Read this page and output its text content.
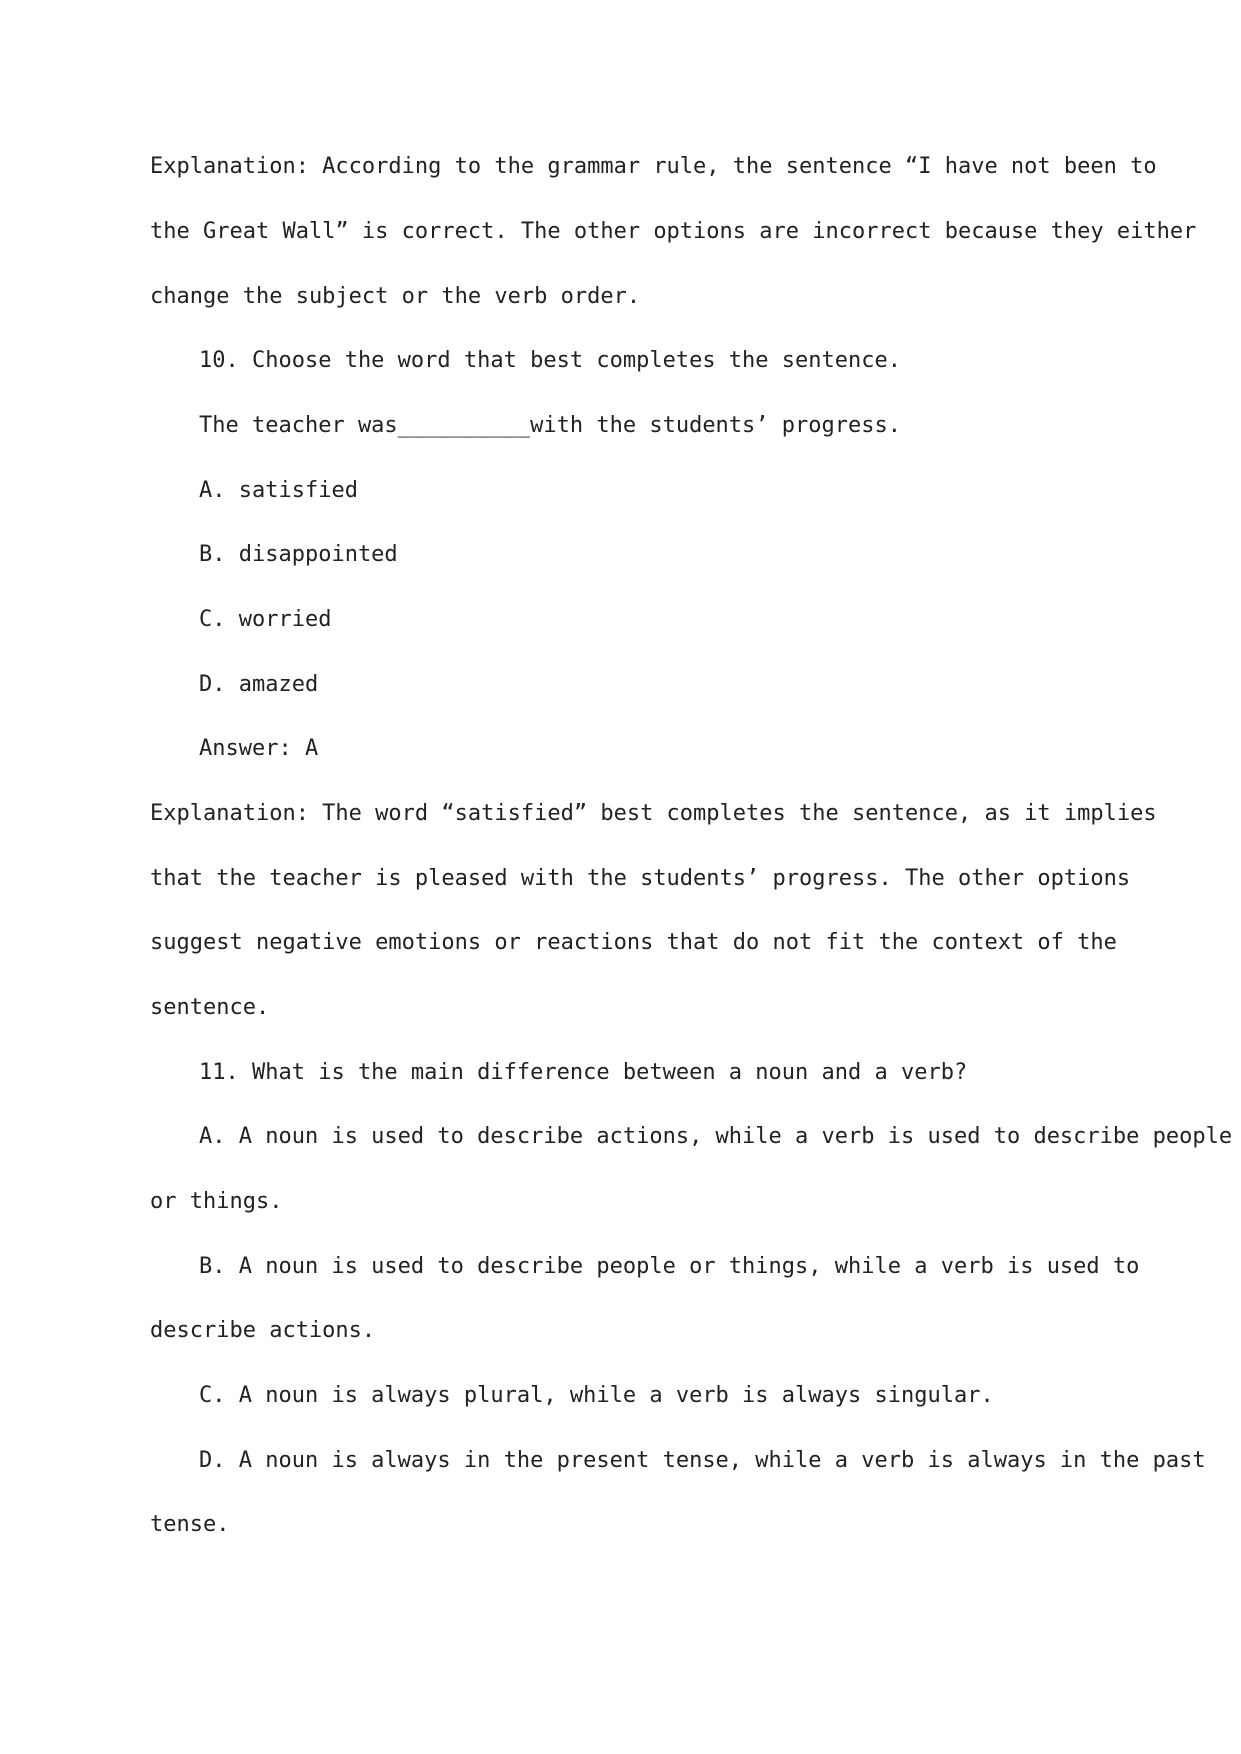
Explanation: According to the grammar rule, the sentence “I have not been to
the Great Wall” is correct. The other options are incorrect because they either
change the subject or the verb order.
10. Choose the word that best completes the sentence.
The teacher was__________with the students’ progress.
A. satisfied
B. disappointed
C. worried
D. amazed
Answer: A
Explanation: The word “satisfied” best completes the sentence, as it implies
that the teacher is pleased with the students’ progress. The other options
suggest negative emotions or reactions that do not fit the context of the
sentence.
11. What is the main difference between a noun and a verb?
A. A noun is used to describe actions, while a verb is used to describe people
or things.
B. A noun is used to describe people or things, while a verb is used to
describe actions.
C. A noun is always plural, while a verb is always singular.
D. A noun is always in the present tense, while a verb is always in the past
tense.
